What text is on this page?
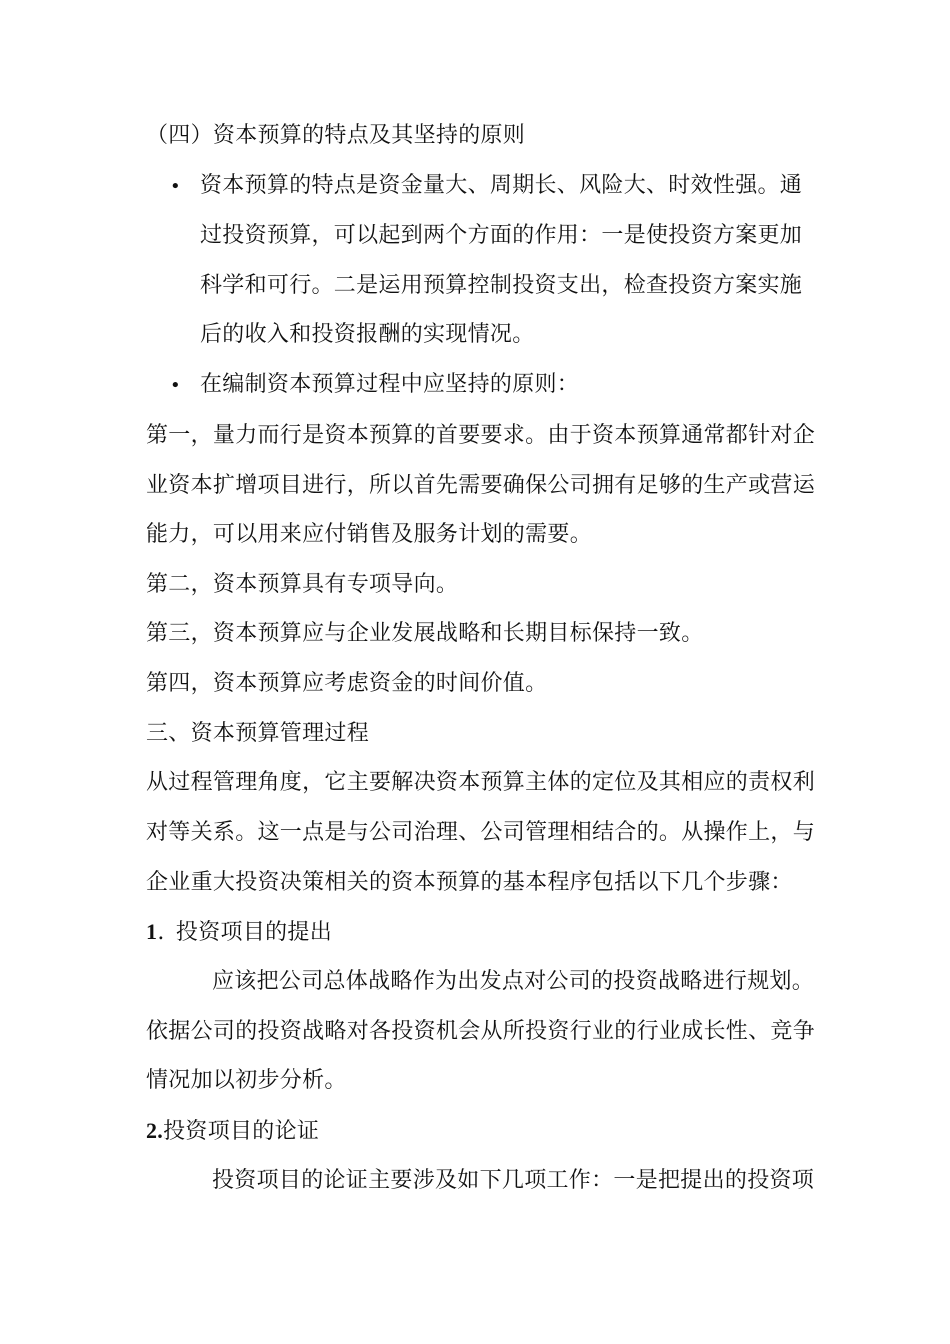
（四）资本预算的特点及其坚持的原则
• 资本预算的特点是资金量大、周期长、风险大、时效性强。通
过投资预算，可以起到两个方面的作用：一是使投资方案更加
科学和可行。二是运用预算控制投资支出，检查投资方案实施
后的收入和投资报酬的实现情况。
• 在编制资本预算过程中应坚持的原则：
第一，量力而行是资本预算的首要要求。由于资本预算通常都针对企
业资本扩增项目进行，所以首先需要确保公司拥有足够的生产或营运
能力，可以用来应付销售及服务计划的需要。
第二，资本预算具有专项导向。
第三，资本预算应与企业发展战略和长期目标保持一致。
第四，资本预算应考虑资金的时间价值。
三、资本预算管理过程
从过程管理角度，它主要解决资本预算主体的定位及其相应的责权利
对等关系。这一点是与公司治理、公司管理相结合的。从操作上，与
企业重大投资决策相关的资本预算的基本程序包括以下几个步骤：
1.  投资项目的提出
应该把公司总体战略作为出发点对公司的投资战略进行规划。
依据公司的投资战略对各投资机会从所投资行业的行业成长性、竞争
情况加以初步分析。
2.投资项目的论证
投资项目的论证主要涉及如下几项工作：一是把提出的投资项
